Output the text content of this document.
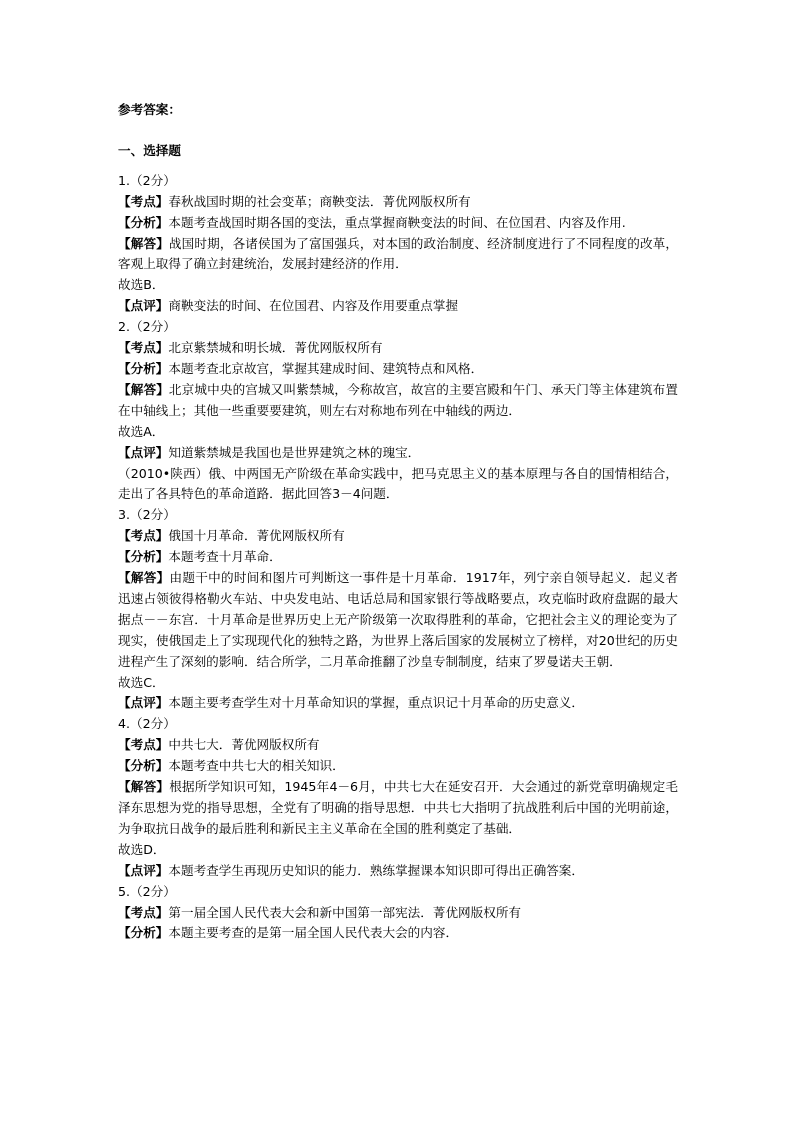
参考答案：
一、选择题
1.（2分）
【考点】春秋战国时期的社会变革；商鞅变法．菁优网版权所有
【分析】本题考查战国时期各国的变法，重点掌握商鞅变法的时间、在位国君、内容及作用.
【解答】战国时期，各诸侯国为了富国强兵，对本国的政治制度、经济制度进行了不同程度的改革，客观上取得了确立封建统治，发展封建经济的作用．
故选B．
【点评】商鞅变法的时间、在位国君、内容及作用要重点掌握
2.（2分）
【考点】北京紫禁城和明长城．菁优网版权所有
【分析】本题考查北京故宫，掌握其建成时间、建筑特点和风格．
【解答】北京城中央的宫城又叫紫禁城，今称故宫，故宫的主要宫殿和午门、承天门等主体建筑布置在中轴线上；其他一些重要要建筑，则左右对称地布列在中轴线的两边．
故选A．
【点评】知道紫禁城是我国也是世界建筑之林的瑰宝．
（2010•陕西）俄、中两国无产阶级在革命实践中，把马克思主义的基本原理与各自的国情相结合，走出了各具特色的革命道路．据此回答3－4问题．
3.（2分）
【考点】俄国十月革命．菁优网版权所有
【分析】本题考查十月革命．
【解答】由题干中的时间和图片可判断这一事件是十月革命．1917年，列宁亲自领导起义．起义者迅速占领彼得格勒火车站、中央发电站、电话总局和国家银行等战略要点，攻克临时政府盘踞的最大据点－－东宫．十月革命是世界历史上无产阶级第一次取得胜利的革命，它把社会主义的理论变为了现实，使俄国走上了实现现代化的独特之路，为世界上落后国家的发展树立了榜样，对20世纪的历史进程产生了深刻的影响．结合所学，二月革命推翻了沙皇专制制度，结束了罗曼诺夫王朝．
故选C．
【点评】本题主要考查学生对十月革命知识的掌握，重点识记十月革命的历史意义．
4.（2分）
【考点】中共七大．菁优网版权所有
【分析】本题考查中共七大的相关知识．
【解答】根据所学知识可知，1945年4－6月，中共七大在延安召开．大会通过的新党章明确规定毛泽东思想为党的指导思想，全党有了明确的指导思想．中共七大指明了抗战胜利后中国的光明前途，为争取抗日战争的最后胜利和新民主主义革命在全国的胜利奠定了基础．
故选D．
【点评】本题考查学生再现历史知识的能力．熟练掌握课本知识即可得出正确答案．
5.（2分）
【考点】第一届全国人民代表大会和新中国第一部宪法．菁优网版权所有
【分析】本题主要考查的是第一届全国人民代表大会的内容．
